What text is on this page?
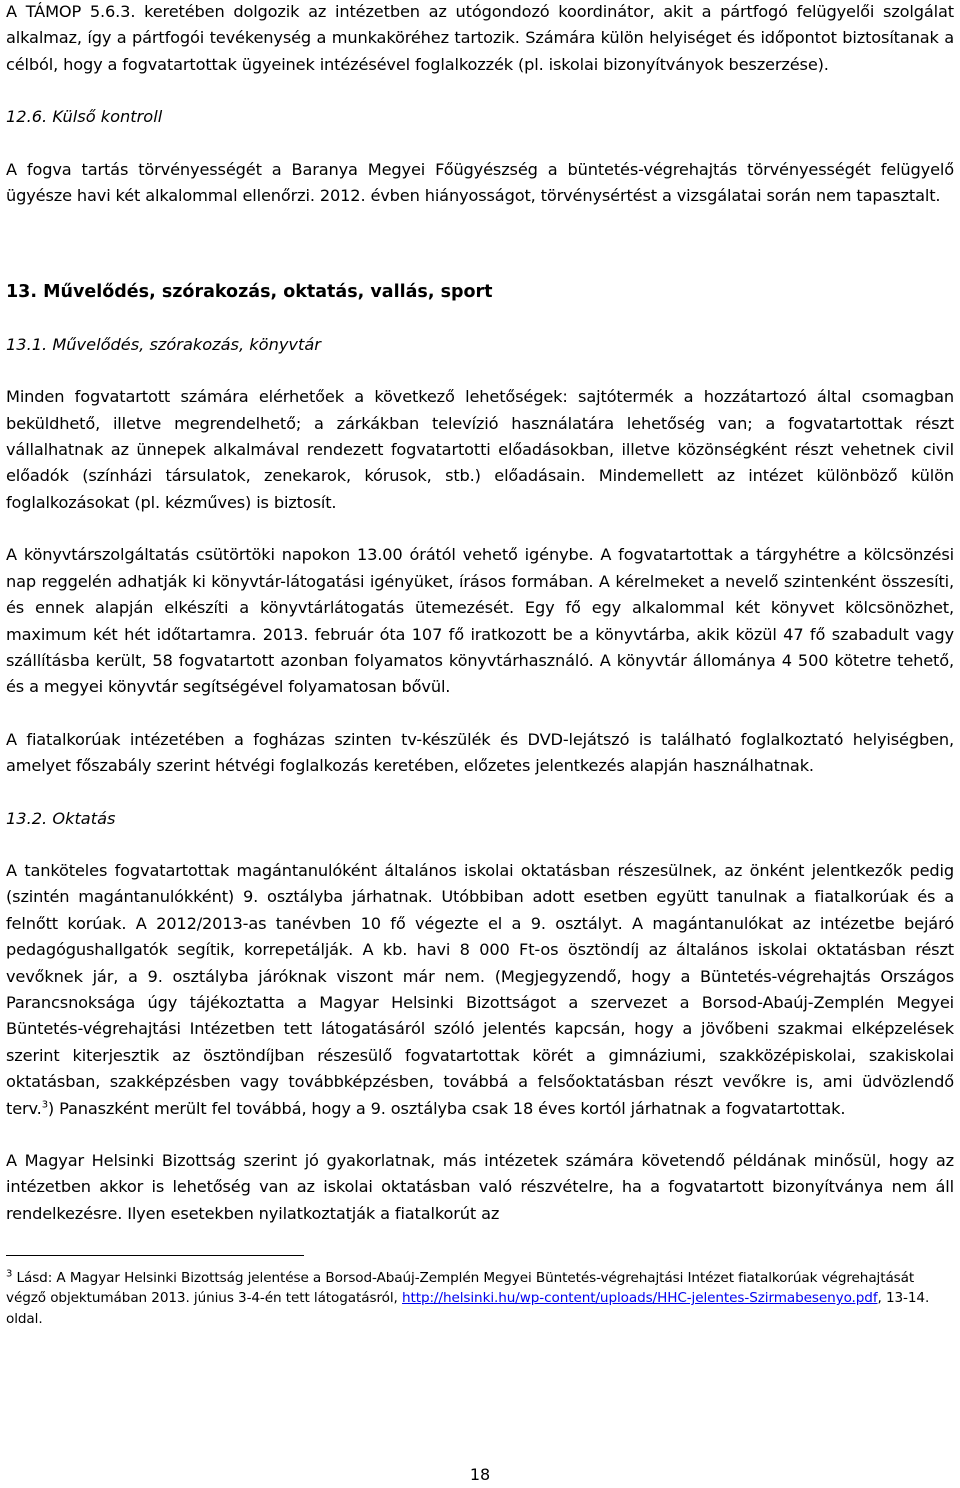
A TÁMOP 5.6.3. keretében dolgozik az intézetben az utógondozó koordinátor, akit a pártfogó felügyelői szolgálat alkalmaz, így a pártfogói tevékenység a munkaköréhez tartozik. Számára külön helyiséget és időpontot biztosítanak a célból, hogy a fogvatartottak ügyeinek intézésével foglalkozzék (pl. iskolai bizonyítványok beszerzése).

12.6. Külső kontroll

A fogva tartás törvényességét a Baranya Megyei Főügyészség a büntetés-végrehajtás törvényességét felügyelő ügyésze havi két alkalommal ellenőrzi. 2012. évben hiányosságot, törvénysértést a vizsgálatai során nem tapasztalt.

13. Művelődés, szórakozás, oktatás, vallás, sport

13.1. Művelődés, szórakozás, könyvtár

Minden fogvatartott számára elérhetőek a következő lehetőségek: sajtótermék a hozzátartozó által csomagban beküldhető, illetve megrendelhető; a zárkákban televízió használatára lehetőség van; a fogvatartottak részt vállalhatnak az ünnepek alkalmával rendezett fogvatartotti előadásokban, illetve közönségként részt vehetnek civil előadók (színházi társulatok, zenekarok, kórusok, stb.) előadásain. Mindemellett az intézet különböző külön foglalkozásokat (pl. kézműves) is biztosít.

A könyvtárszolgáltatás csütörtöki napokon 13.00 órától vehető igénybe. A fogvatartottak a tárgyhétre a kölcsönzési nap reggelén adhatják ki könyvtár-látogatási igényüket, írásos formában. A kérelmeket a nevelő szintenként összesíti, és ennek alapján elkészíti a könyvtárlátogatás ütemezését. Egy fő egy alkalommal két könyvet kölcsönözhet, maximum két hét időtartamra. 2013. február óta 107 fő iratkozott be a könyvtárba, akik közül 47 fő szabadult vagy szállításba került, 58 fogvatartott azonban folyamatos könyvtárhasználó. A könyvtár állománya 4 500 kötetre tehető, és a megyei könyvtár segítségével folyamatosan bővül.

A fiatalkorúak intézetében a fogházas szinten tv-készülék és DVD-lejátszó is található foglalkoztató helyiségben, amelyet főszabály szerint hétvégi foglalkozás keretében, előzetes jelentkezés alapján használhatnak.

13.2. Oktatás

A tanköteles fogvatartottak magántanulóként általános iskolai oktatásban részesülnek, az önként jelentkezők pedig (szintén magántanulókként) 9. osztályba járhatnak. Utóbbiban adott esetben együtt tanulnak a fiatalkorúak és a felnőtt korúak. A 2012/2013-as tanévben 10 fő végezte el a 9. osztályt. A magántanulókat az intézetbe bejáró pedagógushallgatók segítik, korrepetálják. A kb. havi 8 000 Ft-os ösztöndíj az általános iskolai oktatásban részt vevőknek jár, a 9. osztályba járóknak viszont már nem. (Megjegyzendő, hogy a Büntetés-végrehajtás Országos Parancsnoksága úgy tájékoztatta a Magyar Helsinki Bizottságot a szervezet a Borsod-Abaúj-Zemplén Megyei Büntetés-végrehajtási Intézetben tett látogatásáról szóló jelentés kapcsán, hogy a jövőbeni szakmai elképzelések szerint kiterjesztik az ösztöndíjban részesülő fogvatartottak körét a gimnáziumi, szakközépiskolai, szakiskolai oktatásban, szakképzésben vagy továbbképzésben, továbbá a felsőoktatásban részt vevőkre is, ami üdvözlendő terv.$^3$) Panaszként merült fel továbbá, hogy a 9. osztályba csak 18 éves kortól járhatnak a fogvatartottak.

A Magyar Helsinki Bizottság szerint jó gyakorlatnak, más intézetek számára követendő példának minősül, hogy az intézetben akkor is lehetőség van az iskolai oktatásban való részvételre, ha a fogvatartott bizonyítványa nem áll rendelkezésre. Ilyen esetekben nyilatkoztatják a fiatalkorút az

$^3$ Lásd: A Magyar Helsinki Bizottság jelentése a Borsod-Abaúj-Zemplén Megyei Büntetés-végrehajtási Intézet fiatalkorúak végrehajtását végző objektumában 2013. június 3-4-én tett látogatásról, http://helsinki.hu/wp-content/uploads/HHC-jelentes-Szirmabesenyo.pdf, 13-14. oldal.

18
